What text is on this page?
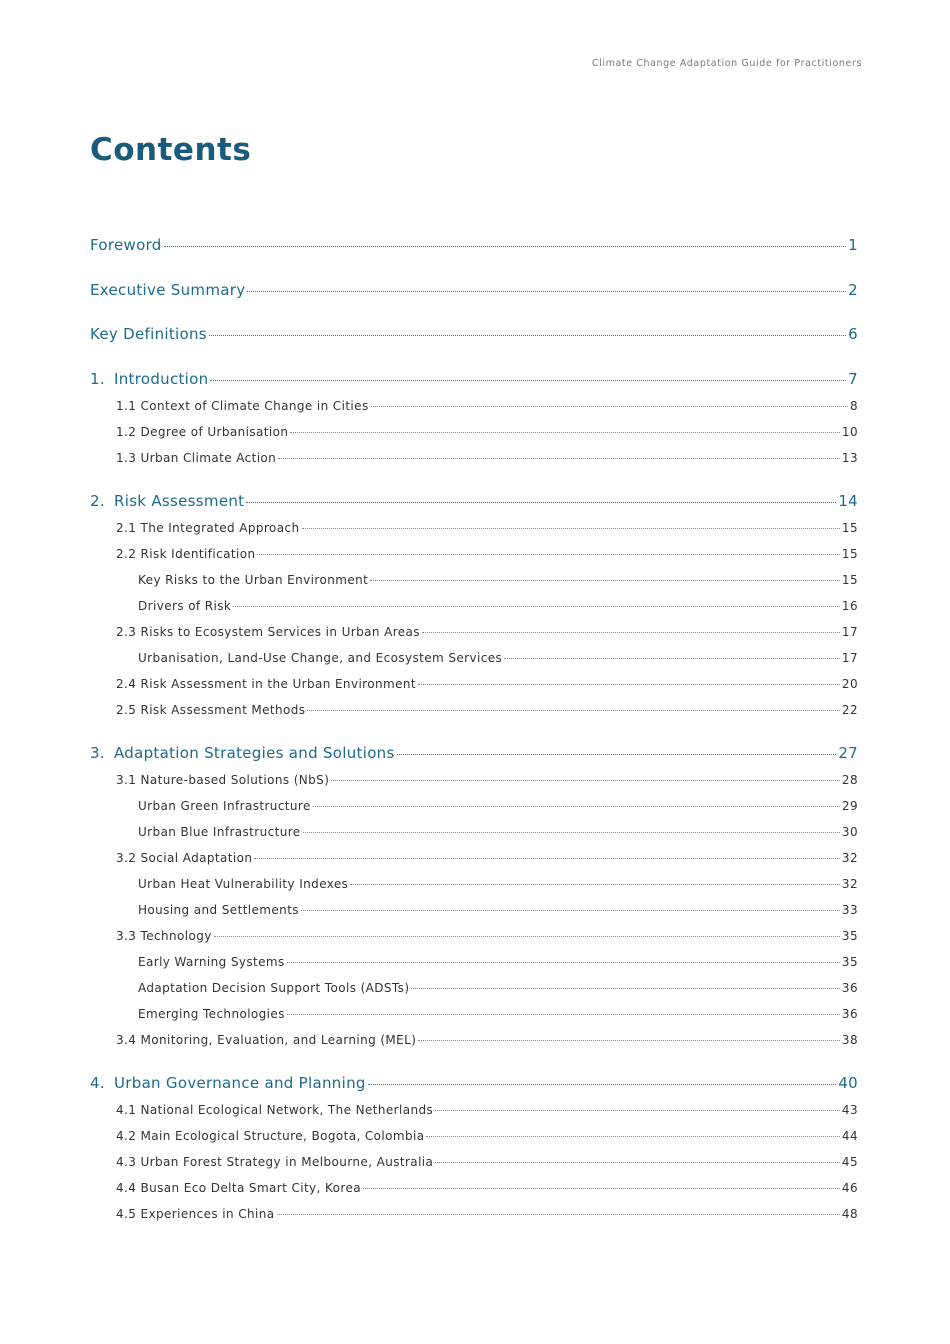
Climate Change Adaptation Guide for Practitioners
Contents
Foreword	1
Executive Summary	2
Key Definitions	6
1. Introduction	7
1.1 Context of Climate Change in Cities	8
1.2 Degree of Urbanisation	10
1.3 Urban Climate Action	13
2. Risk Assessment	14
2.1 The Integrated Approach	15
2.2 Risk Identification	15
Key Risks to the Urban Environment	15
Drivers of Risk	16
2.3 Risks to Ecosystem Services in Urban Areas	17
Urbanisation, Land-Use Change, and Ecosystem Services	17
2.4 Risk Assessment in the Urban Environment	20
2.5 Risk Assessment Methods	22
3. Adaptation Strategies and Solutions	27
3.1 Nature-based Solutions (NbS)	28
Urban Green Infrastructure	29
Urban Blue Infrastructure	30
3.2 Social Adaptation	32
Urban Heat Vulnerability Indexes	32
Housing and Settlements	33
3.3 Technology	35
Early Warning Systems	35
Adaptation Decision Support Tools (ADSTs)	36
Emerging Technologies	36
3.4 Monitoring, Evaluation, and Learning (MEL)	38
4. Urban Governance and Planning	40
4.1 National Ecological Network, The Netherlands	43
4.2 Main Ecological Structure, Bogota, Colombia	44
4.3 Urban Forest Strategy in Melbourne, Australia	45
4.4 Busan Eco Delta Smart City, Korea	46
4.5 Experiences in China	48
